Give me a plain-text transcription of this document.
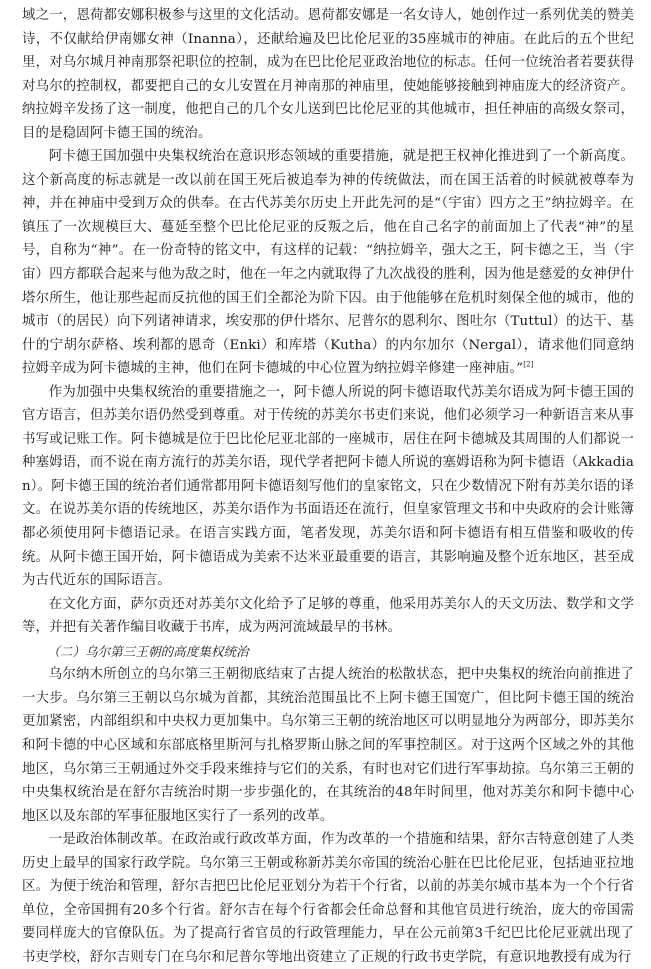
域之一，恩荷都安娜积极参与这里的文化活动。恩荷都安娜是一名女诗人，她创作过一系列优美的赞美诗，不仅献给伊南娜女神（Inanna），还献给遍及巴比伦尼亚的35座城市的神庙。在此后的五个世纪里，对乌尔城月神南那祭祀职位的控制，成为在巴比伦尼亚政治地位的标志。任何一位统治者若要获得对乌尔的控制权，都要把自己的女儿安置在月神南那的神庙里，使她能够接触到神庙庞大的经济资产。纳拉姆辛发扬了这一制度，他把自己的几个女儿送到巴比伦尼亚的其他城市，担任神庙的高级女祭司，目的是稳固阿卡德王国的统治。

阿卡德王国加强中央集权统治在意识形态领域的重要措施，就是把王权神化推进到了一个新高度。这个新高度的标志就是一改以前在国王死后被追奉为神的传统做法，而在国王活着的时候就被尊奉为神，并在神庙中受到万众的供奉。在古代苏美尔历史上开此先河的是“（宇宙）四方之王”纳拉姆辛。在镇压了一次规模巨大、蔓延至整个巴比伦尼亚的反叛之后，他在自己名字的前面加上了代表“神”的星号，自称为“神”。在一份奇特的铭文中，有这样的记载：“纳拉姆辛，强大之王，阿卡德之王，当（宇宙）四方都联合起来与他为敌之时，他在一年之内就取得了九次战役的胜利，因为他是慈爱的女神伊什塔尔所生，他让那些起而反抗他的国王们全都沦为阶下囚。由于他能够在危机时刻保全他的城市，他的城市（的居民）向下列诸神请求，埃安那的伊什塔尔、尼普尔的恩利尔、图吐尔（Tuttul）的达干、基什的宁胡尔萨格、埃利都的恩奇（Enki）和库塔（Kutha）的内尔加尔（Nergal），请求他们同意纳拉姆辛成为阿卡德城的主神，他们在阿卡德城的中心位置为纳拉姆辛修建一座神庙。”[2]

作为加强中央集权统治的重要措施之一，阿卡德人所说的阿卡德语取代苏美尔语成为阿卡德王国的官方语言，但苏美尔语仍然受到尊重。对于传统的苏美尔书吏们来说，他们必须学习一种新语言来从事书写或记账工作。阿卡德城是位于巴比伦尼亚北部的一座城市，居住在阿卡德城及其周围的人们都说一种塞姆语，而不说在南方流行的苏美尔语，现代学者把阿卡德人所说的塞姆语称为阿卡德语（Akkadian）。阿卡德王国的统治者们通常都用阿卡德语刻写他们的皇家铭文，只在少数情况下附有苏美尔语的译文。在说苏美尔语的传统地区，苏美尔语作为书面语还在流行，但皇家管理文书和中央政府的会计账簿都必须使用阿卡德语记录。在语言实践方面，笔者发现，苏美尔语和阿卡德语有相互借鉴和吸收的传统。从阿卡德王国开始，阿卡德语成为美索不达米亚最重要的语言，其影响遍及整个近东地区，甚至成为古代近东的国际语言。

在文化方面，萨尔贡还对苏美尔文化给予了足够的尊重，他采用苏美尔人的天文历法、数学和文学等，并把有关著作编目收藏于书库，成为两河流域最早的书林。

（二）乌尔第三王朝的高度集权统治

乌尔纳木所创立的乌尔第三王朝彻底结束了古提人统治的松散状态，把中央集权的统治向前推进了一大步。乌尔第三王朝以乌尔城为首都，其统治范围虽比不上阿卡德王国宽广，但比阿卡德王国的统治更加紧密，内部组织和中央权力更加集中。乌尔第三王朝的统治地区可以明显地分为两部分，即苏美尔和阿卡德的中心区域和东部底格里斯河与扎格罗斯山脉之间的军事控制区。对于这两个区域之外的其他地区，乌尔第三王朝通过外交手段来维持与它们的关系，有时也对它们进行军事劫掠。乌尔第三王朝的中央集权统治是在舒尔吉统治时期一步步强化的，在其统治的48年时间里，他对苏美尔和阿卡德中心地区以及东部的军事征服地区实行了一系列的改革。

一是政治体制改革。在政治或行政改革方面，作为改革的一个措施和结果，舒尔吉特意创建了人类历史上最早的国家行政学院。乌尔第三王朝或称新苏美尔帝国的统治心脏在巴比伦尼亚，包括迪亚拉地区。为便于统治和管理，舒尔吉把巴比伦尼亚划分为若干个行省，以前的苏美尔城市基本为一个个行省单位，全帝国拥有20多个行省。舒尔吉在每个行省都会任命总督和其他官员进行统治，庞大的帝国需要同样庞大的官僚队伍。为了提高行省官员的行政管理能力，早在公元前第3千纪巴比伦尼亚就出现了书吏学校，舒尔吉则专门在乌尔和尼普尔等地出资建立了正规的行政书吏学院，有意识地教授有成为行
